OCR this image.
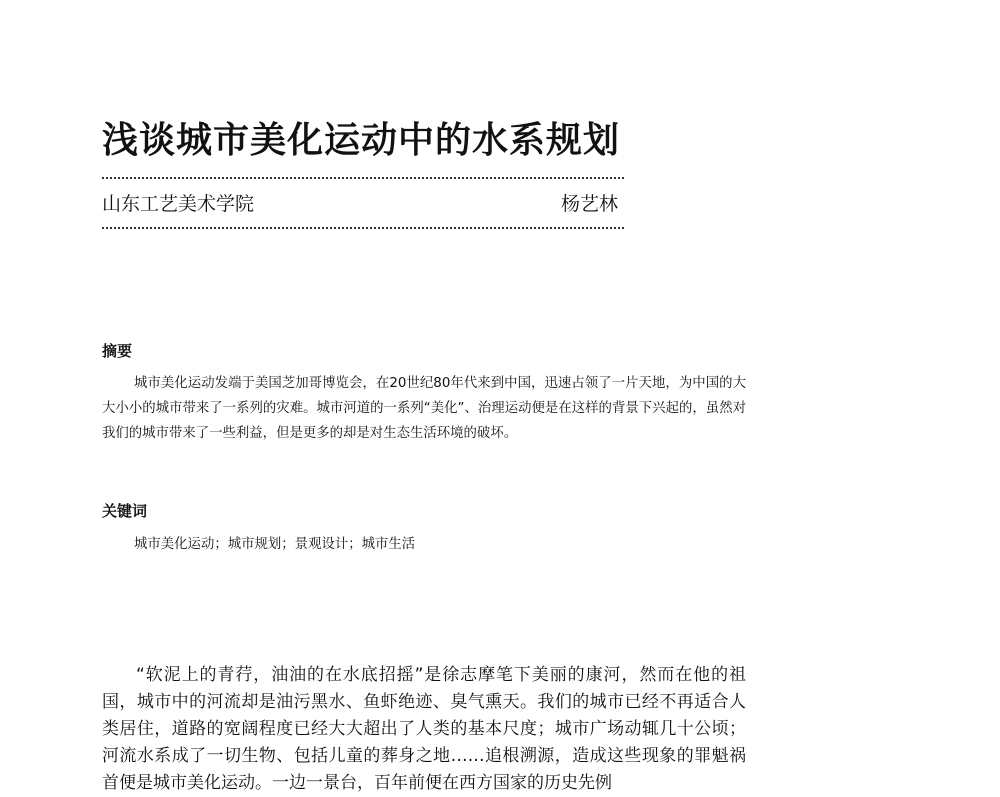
浅谈城市美化运动中的水系规划
山东工艺美术学院	杨艺林
摘要

城市美化运动发端于美国芝加哥博览会，在20世纪80年代来到中国，迅速占领了一片天地，为中国的大大小小的城市带来了一系列的灾难。城市河道的一系列“美化”、治理运动便是在这样的背景下兴起的，虽然对我们的城市带来了一些利益，但是更多的却是对生态生活环境的破坏。

关键词

城市美化运动；城市规划；景观设计；城市生活

“软泥上的青荇，油油的在水底招摇”是徐志摩笔下美丽的康河，然而在他的祖国，城市中的河流却是油污黑水、鱼虾绝迹、臭气熏天。我们的城市已经不再适合人类居住，道路的宽阔程度已经大大超出了人类的基本尺度；城市广场动辄几十公顷；河流水系成了一切生物、包括儿童的葬身之地……追根溯源，造成这些现象的罪魁祸首便是城市美化运动。一边一景台，百年前便在西方国家的历史先例
